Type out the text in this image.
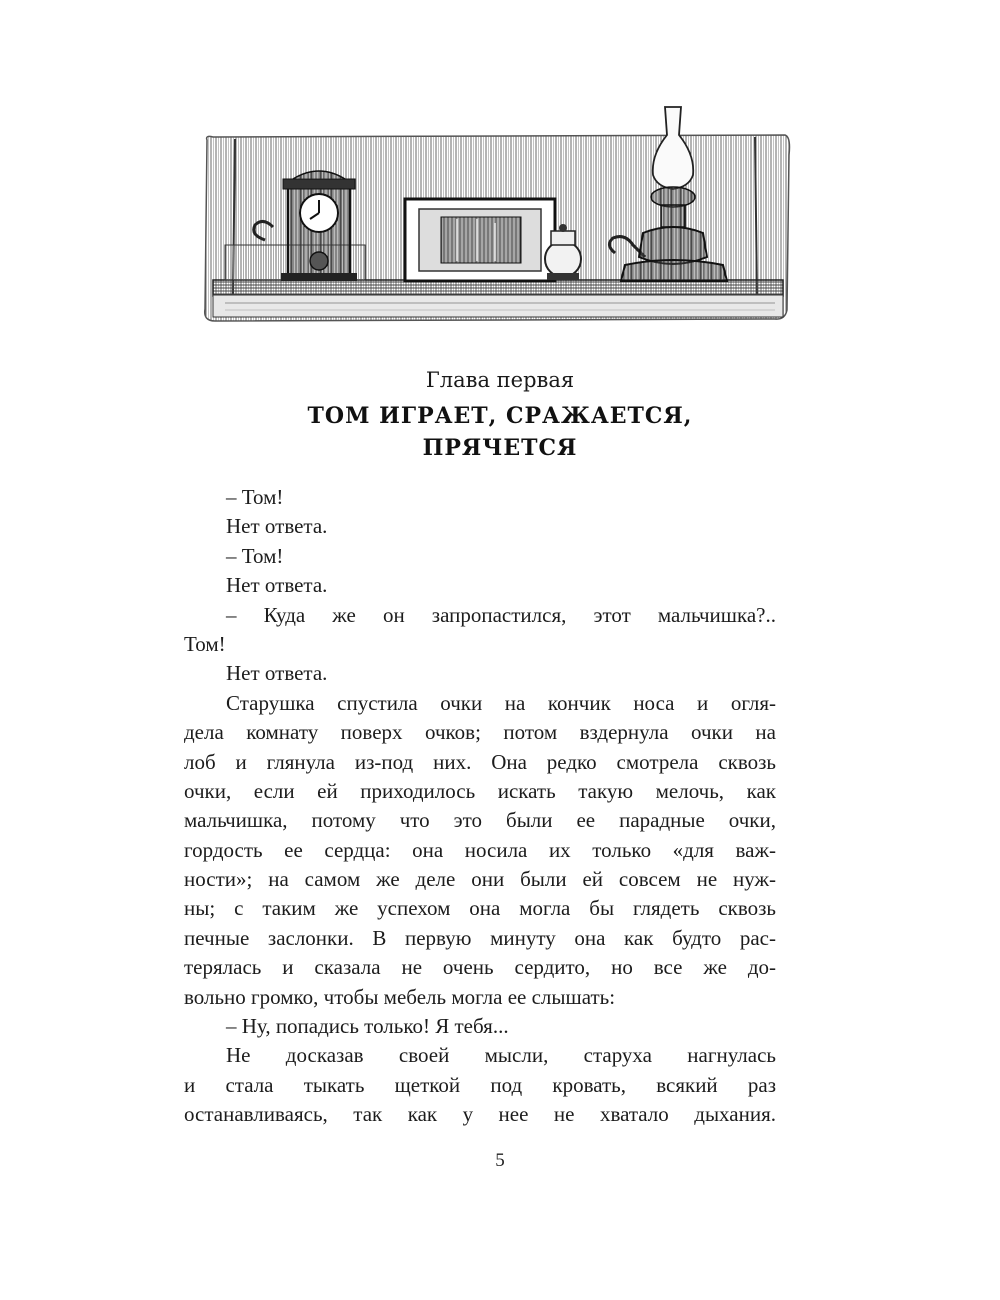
Глава первая
ТОМ ИГРАЕТ, СРАЖАЕТСЯ,
ПРЯЧЕТСЯ
– Том!
Нет ответа.
– Том!
Нет ответа.
– Куда же он запропастился, этот мальчишка?..
Том!
Нет ответа.
Старушка спустила очки на кончик носа и огля-
дела комнату поверх очков; потом вздернула очки на
лоб и глянула из-под них. Она редко смотрела сквозь
очки, если ей приходилось искать такую мелочь, как
мальчишка, потому что это были ее парадные очки,
гордость ее сердца: она носила их только «для важ-
ности»; на самом же деле они были ей совсем не нуж-
ны; с таким же успехом она могла бы глядеть сквозь
печные заслонки. В первую минуту она как будто рас-
терялась и сказала не очень сердито, но все же до-
вольно громко, чтобы мебель могла ее слышать:
– Ну, попадись только! Я тебя...
Не досказав своей мысли, старуха нагнулась
и стала тыкать щеткой под кровать, всякий раз
останавливаясь, так как у нее не хватало дыхания.
5
